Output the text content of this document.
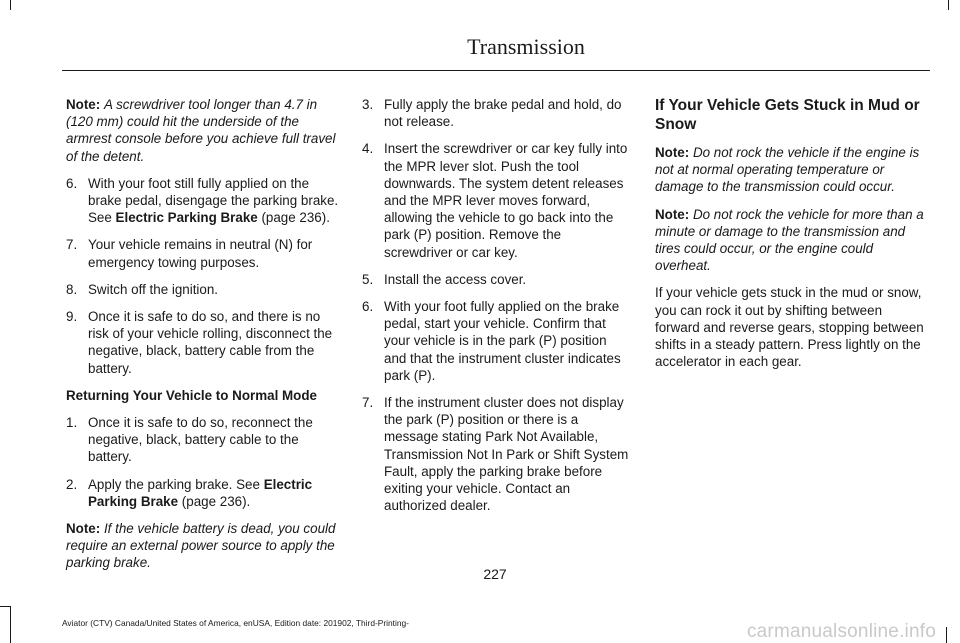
Transmission

Note: A screwdriver tool longer than 4.7 in (120 mm) could hit the underside of the armrest console before you achieve full travel of the detent.

6. With your foot still fully applied on the brake pedal, disengage the parking brake. See Electric Parking Brake (page 236).
7. Your vehicle remains in neutral (N) for emergency towing purposes.
8. Switch off the ignition.
9. Once it is safe to do so, and there is no risk of your vehicle rolling, disconnect the negative, black, battery cable from the battery.

Returning Your Vehicle to Normal Mode

1. Once it is safe to do so, reconnect the negative, black, battery cable to the battery.
2. Apply the parking brake. See Electric Parking Brake (page 236).

Note: If the vehicle battery is dead, you could require an external power source to apply the parking brake.

3. Fully apply the brake pedal and hold, do not release.
4. Insert the screwdriver or car key fully into the MPR lever slot. Push the tool downwards. The system detent releases and the MPR lever moves forward, allowing the vehicle to go back into the park (P) position. Remove the screwdriver or car key.
5. Install the access cover.
6. With your foot fully applied on the brake pedal, start your vehicle. Confirm that your vehicle is in the park (P) position and that the instrument cluster indicates park (P).
7. If the instrument cluster does not display the park (P) position or there is a message stating Park Not Available, Transmission Not In Park or Shift System Fault, apply the parking brake before exiting your vehicle. Contact an authorized dealer.

If Your Vehicle Gets Stuck in Mud or Snow

Note: Do not rock the vehicle if the engine is not at normal operating temperature or damage to the transmission could occur.

Note: Do not rock the vehicle for more than a minute or damage to the transmission and tires could occur, or the engine could overheat.

If your vehicle gets stuck in the mud or snow, you can rock it out by shifting between forward and reverse gears, stopping between shifts in a steady pattern. Press lightly on the accelerator in each gear.

227
Aviator (CTV) Canada/United States of America, enUSA, Edition date: 201902, Third-Printing-	carmanualsonline.info
